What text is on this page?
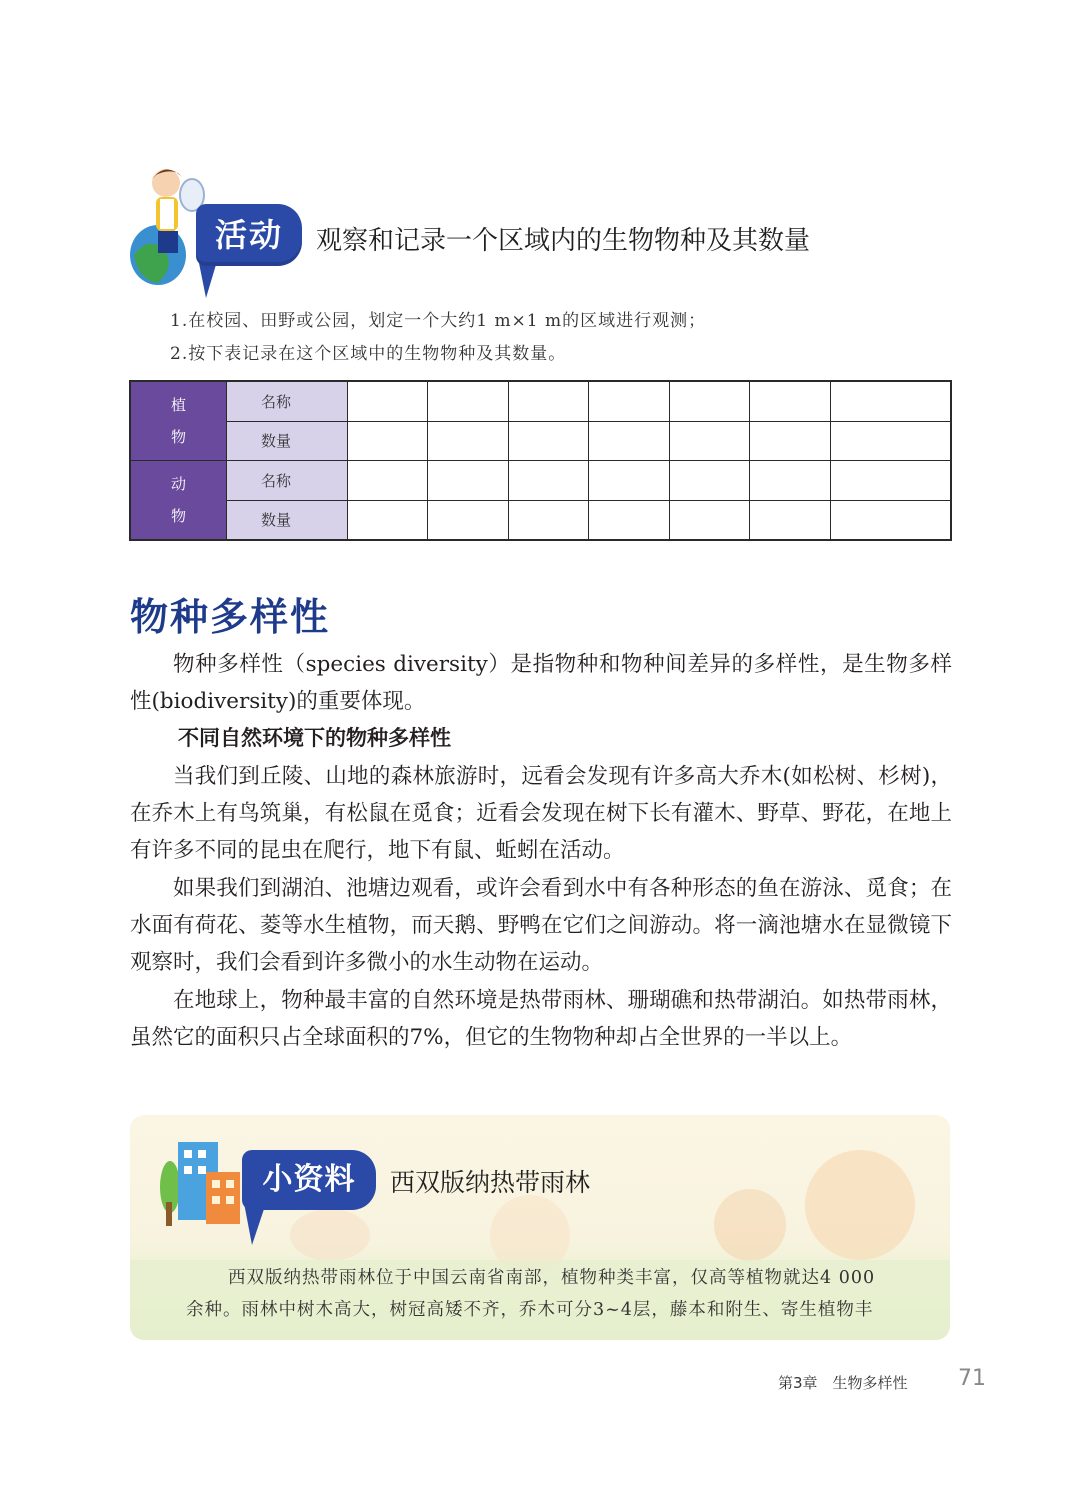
活动	观察和记录一个区域内的生物物种及其数量
1.在校园、田野或公园，划定一个大约1 m×1 m的区域进行观测；
2.按下表记录在这个区域中的生物物种及其数量。
植
物	名称							
	数量							

动
物	名称							
	数量							
物种多样性

物种多样性（species diversity）是指物种和物种间差异的多样性，是生物多样性(biodiversity)的重要体现。

不同自然环境下的物种多样性

当我们到丘陵、山地的森林旅游时，远看会发现有许多高大乔木(如松树、杉树)，在乔木上有鸟筑巢，有松鼠在觅食；近看会发现在树下长有灌木、野草、野花，在地上有许多不同的昆虫在爬行，地下有鼠、蚯蚓在活动。

如果我们到湖泊、池塘边观看，或许会看到水中有各种形态的鱼在游泳、觅食；在水面有荷花、菱等水生植物，而天鹅、野鸭在它们之间游动。将一滴池塘水在显微镜下观察时，我们会看到许多微小的水生动物在运动。

在地球上，物种最丰富的自然环境是热带雨林、珊瑚礁和热带湖泊。如热带雨林，虽然它的面积只占全球面积的7%，但它的生物物种却占全世界的一半以上。

小资料	西双版纳热带雨林

西双版纳热带雨林位于中国云南省南部，植物种类丰富，仅高等植物就达4 000

余种。雨林中树木高大，树冠高矮不齐，乔木可分3~4层，藤本和附生、寄生植物丰

第3章　生物多样性 71
